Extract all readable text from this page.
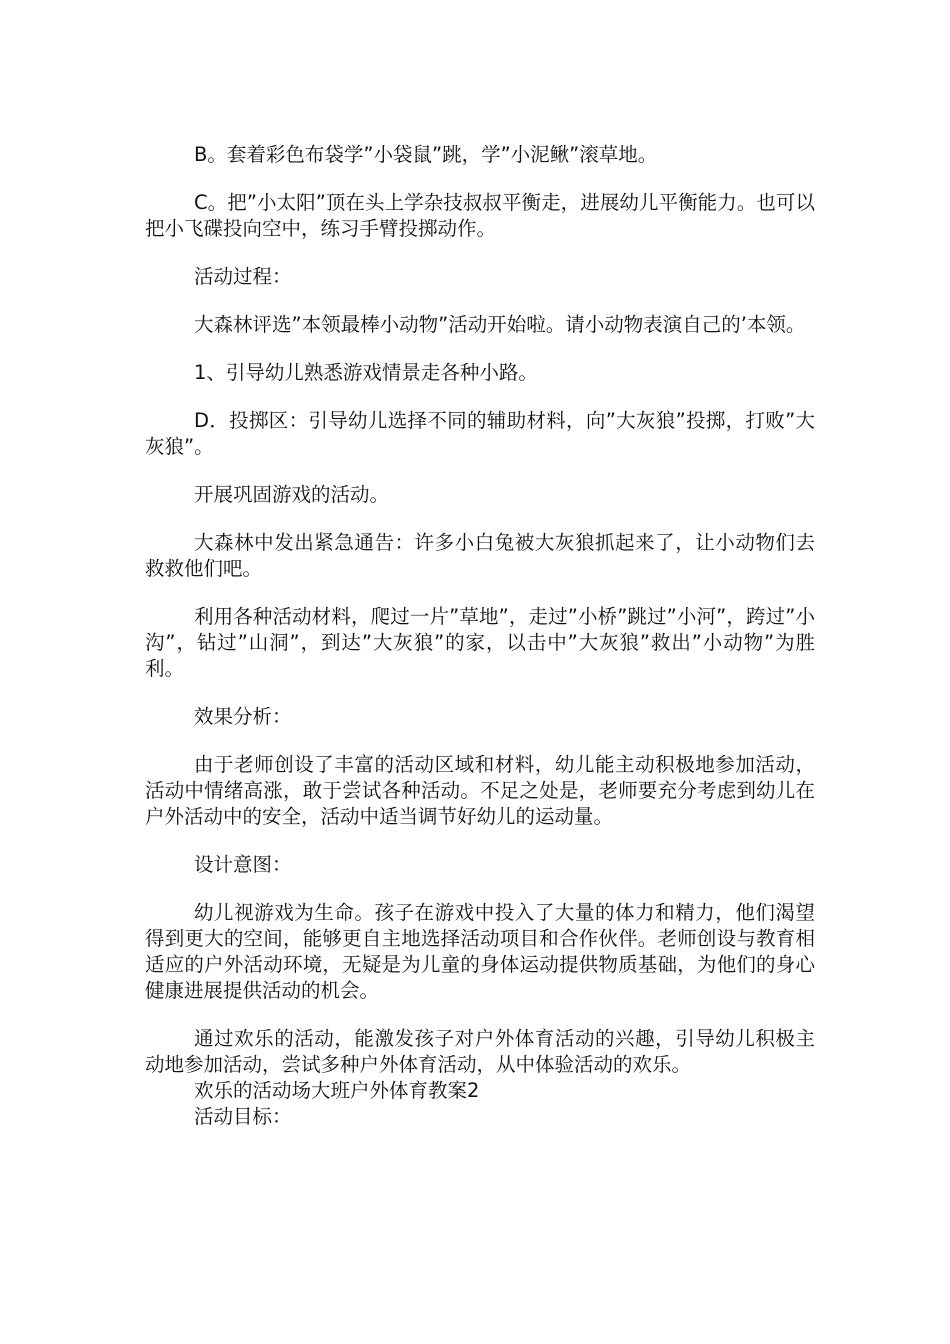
B。套着彩色布袋学”小袋鼠”跳，学”小泥鳅”滚草地。

C。把”小太阳”顶在头上学杂技叔叔平衡走，进展幼儿平衡能力。也可以把小飞碟投向空中，练习手臂投掷动作。

活动过程：

大森林评选”本领最棒小动物”活动开始啦。请小动物表演自己的’本领。

1、引导幼儿熟悉游戏情景走各种小路。

D．投掷区：引导幼儿选择不同的辅助材料，向”大灰狼”投掷，打败”大灰狼”。

开展巩固游戏的活动。

大森林中发出紧急通告：许多小白兔被大灰狼抓起来了，让小动物们去救救他们吧。

利用各种活动材料，爬过一片”草地”，走过”小桥”跳过”小河”，跨过”小沟”，钻过”山洞”，到达”大灰狼”的家，以击中”大灰狼”救出”小动物”为胜利。

效果分析：

由于老师创设了丰富的活动区域和材料，幼儿能主动积极地参加活动，活动中情绪高涨，敢于尝试各种活动。不足之处是，老师要充分考虑到幼儿在户外活动中的安全，活动中适当调节好幼儿的运动量。

设计意图：

幼儿视游戏为生命。孩子在游戏中投入了大量的体力和精力，他们渴望得到更大的空间，能够更自主地选择活动项目和合作伙伴。老师创设与教育相适应的户外活动环境，无疑是为儿童的身体运动提供物质基础，为他们的身心健康进展提供活动的机会。

通过欢乐的活动，能激发孩子对户外体育活动的兴趣，引导幼儿积极主动地参加活动，尝试多种户外体育活动，从中体验活动的欢乐。

欢乐的活动场大班户外体育教案2

活动目标：
